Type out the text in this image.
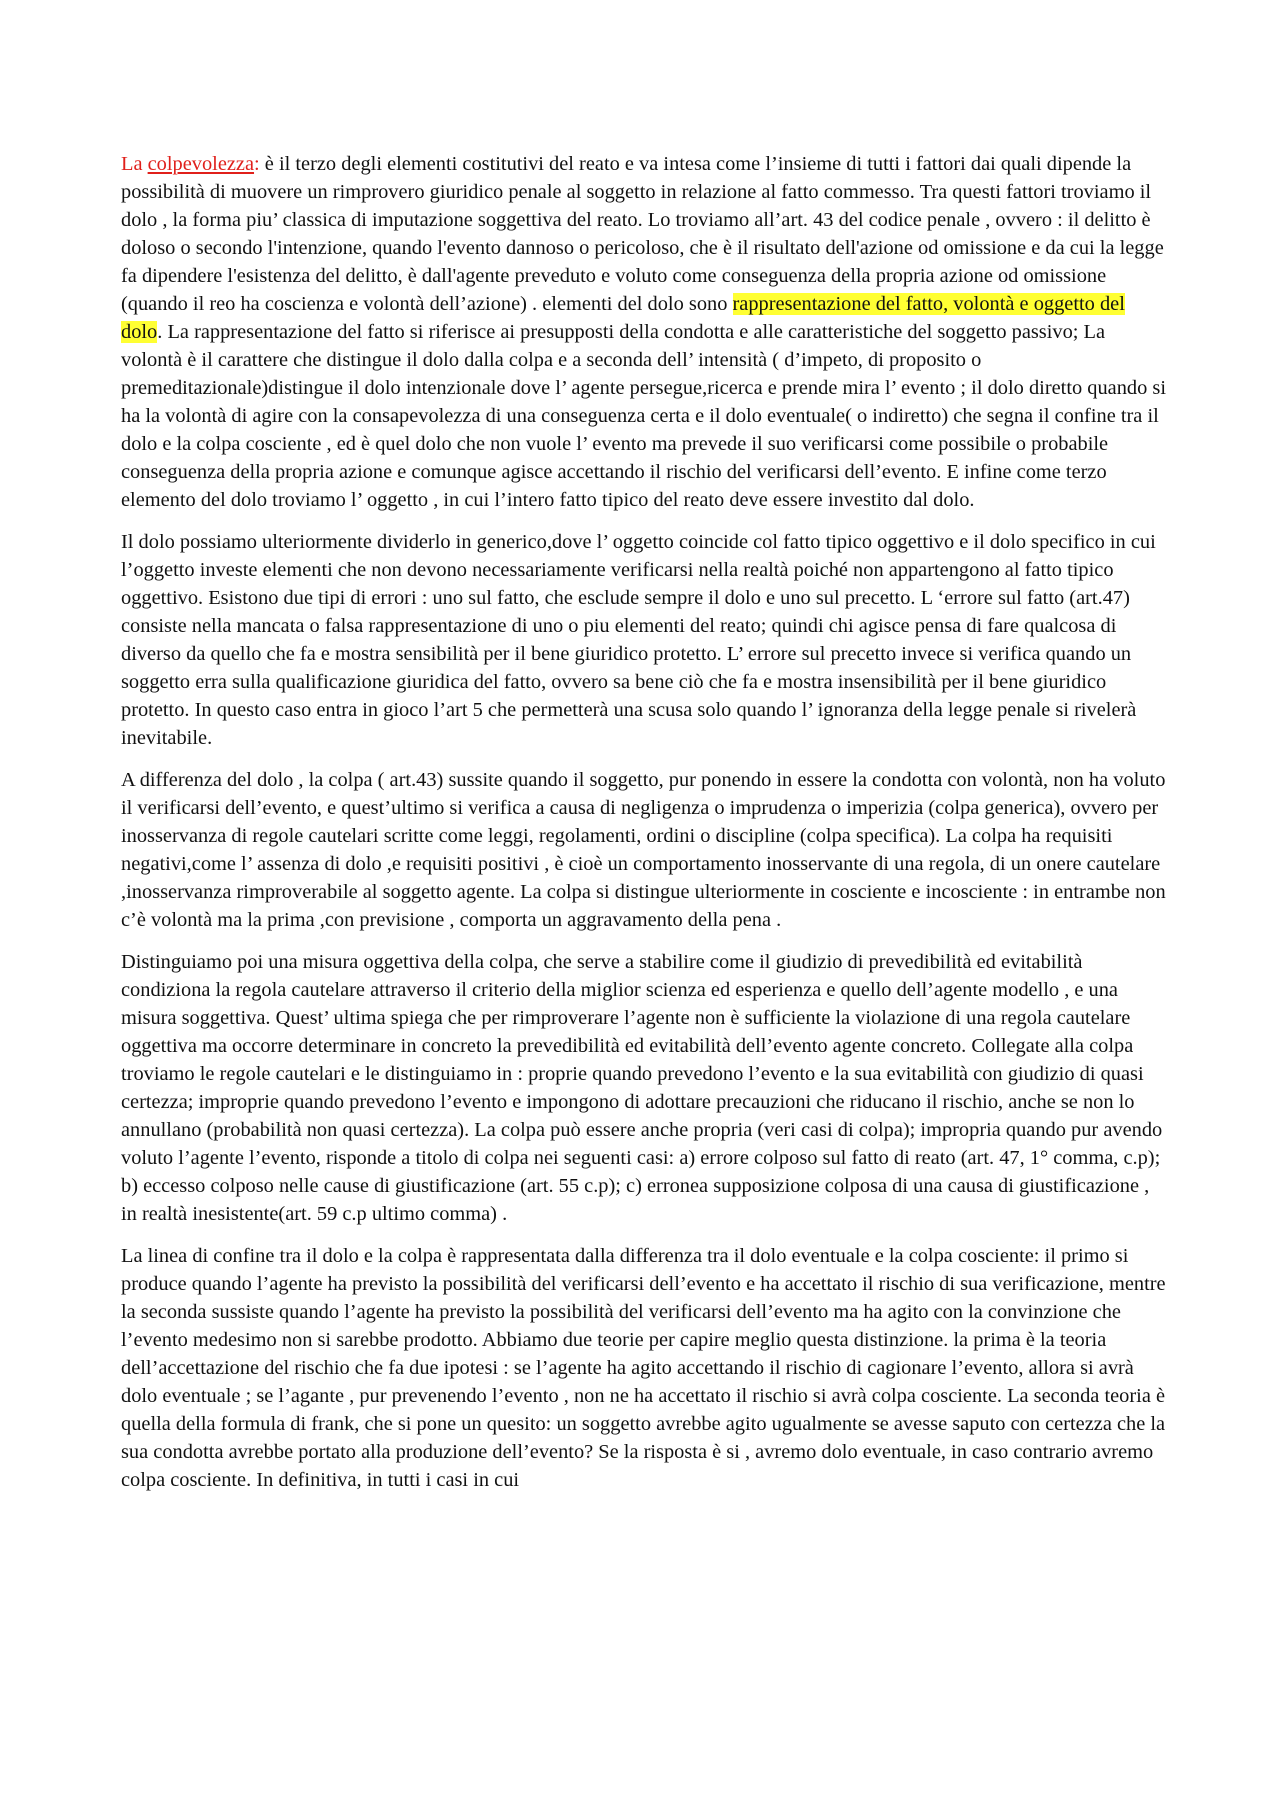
La colpevolezza: è il terzo degli elementi costitutivi del reato e va intesa come l’insieme di tutti i fattori dai quali dipende la possibilità di muovere un rimprovero giuridico penale al soggetto in relazione al fatto commesso. Tra questi fattori troviamo il dolo , la forma piu’ classica di imputazione soggettiva del reato. Lo troviamo all’art. 43 del codice penale , ovvero : il delitto è doloso o secondo l'intenzione, quando l'evento dannoso o pericoloso, che è il risultato dell'azione od omissione e da cui la legge fa dipendere l'esistenza del delitto, è dall'agente preveduto e voluto come conseguenza della propria azione od omissione (quando il reo ha coscienza e volontà dell’azione) . elementi del dolo sono rappresentazione del fatto, volontà e oggetto del dolo. La rappresentazione del fatto si riferisce ai presupposti della condotta e alle caratteristiche del soggetto passivo; La volontà è il carattere che distingue il dolo dalla colpa e a seconda dell’ intensità ( d’impeto, di proposito o premeditazionale)distingue il dolo intenzionale dove l’ agente persegue,ricerca e prende mira l’ evento ; il dolo diretto quando si ha la volontà di agire con la consapevolezza di una conseguenza certa e il dolo eventuale( o indiretto) che segna il confine tra il dolo e la colpa cosciente , ed è quel dolo che non vuole l’ evento ma prevede il suo verificarsi come possibile o probabile conseguenza della propria azione e comunque agisce accettando il rischio del verificarsi dell’evento. E infine come terzo elemento del dolo troviamo l’ oggetto , in cui l’intero fatto tipico del reato deve essere investito dal dolo.

Il dolo possiamo ulteriormente dividerlo in generico,dove l’ oggetto coincide col fatto tipico oggettivo e il dolo specifico in cui l’oggetto investe elementi che non devono necessariamente verificarsi nella realtà poiché non appartengono al fatto tipico oggettivo. Esistono due tipi di errori : uno sul fatto, che esclude sempre il dolo e uno sul precetto. L ‘errore sul fatto (art.47) consiste nella mancata o falsa rappresentazione di uno o piu elementi del reato; quindi chi agisce pensa di fare qualcosa di diverso da quello che fa e mostra sensibilità per il bene giuridico protetto. L’ errore sul precetto invece si verifica quando un soggetto erra sulla qualificazione giuridica del fatto, ovvero sa bene ciò che fa e mostra insensibilità per il bene giuridico protetto. In questo caso entra in gioco l’art 5 che permetterà una scusa solo quando l’ ignoranza della legge penale si rivelerà inevitabile.

A differenza del dolo , la colpa ( art.43) sussite quando il soggetto, pur ponendo in essere la condotta con volontà, non ha voluto il verificarsi dell’evento, e quest’ultimo si verifica a causa di negligenza o imprudenza o imperizia (colpa generica), ovvero per inosservanza di regole cautelari scritte come leggi, regolamenti, ordini o discipline (colpa specifica). La colpa ha requisiti negativi,come l’ assenza di dolo ,e requisiti positivi , è cioè un comportamento inosservante di una regola, di un onere cautelare ,inosservanza rimproverabile al soggetto agente. La colpa si distingue ulteriormente in cosciente e incosciente : in entrambe non c’è volontà ma la prima ,con previsione , comporta un aggravamento della pena .

Distinguiamo poi una misura oggettiva della colpa, che serve a stabilire come il giudizio di prevedibilità ed evitabilità condiziona la regola cautelare attraverso il criterio della miglior scienza ed esperienza e quello dell’agente modello , e una misura soggettiva. Quest’ ultima spiega che per rimproverare l’agente non è sufficiente la violazione di una regola cautelare oggettiva ma occorre determinare in concreto la prevedibilità ed evitabilità dell’evento agente concreto. Collegate alla colpa troviamo le regole cautelari e le distinguiamo in : proprie quando prevedono l’evento e la sua evitabilità con giudizio di quasi certezza; improprie quando prevedono l’evento e impongono di adottare precauzioni che riducano il rischio, anche se non lo annullano (probabilità non quasi certezza). La colpa può essere anche propria (veri casi di colpa); impropria quando pur avendo voluto l’agente l’evento, risponde a titolo di colpa nei seguenti casi: a) errore colposo sul fatto di reato (art. 47, 1° comma, c.p); b) eccesso colposo nelle cause di giustificazione (art. 55 c.p); c) erronea supposizione colposa di una causa di giustificazione , in realtà inesistente(art. 59 c.p ultimo comma) .

La linea di confine tra il dolo e la colpa è rappresentata dalla differenza tra il dolo eventuale e la colpa cosciente: il primo si produce quando l’agente ha previsto la possibilità del verificarsi dell’evento e ha accettato il rischio di sua verificazione, mentre la seconda sussiste quando l’agente ha previsto la possibilità del verificarsi dell’evento ma ha agito con la convinzione che l’evento medesimo non si sarebbe prodotto. Abbiamo due teorie per capire meglio questa distinzione. la prima è la teoria dell’accettazione del rischio che fa due ipotesi : se l’agente ha agito accettando il rischio di cagionare l’evento, allora si avrà dolo eventuale ; se l’agante , pur prevenendo l’evento , non ne ha accettato il rischio si avrà colpa cosciente. La seconda teoria è quella della formula di frank, che si pone un quesito: un soggetto avrebbe agito ugualmente se avesse saputo con certezza che la sua condotta avrebbe portato alla produzione dell’evento? Se la risposta è si , avremo dolo eventuale, in caso contrario avremo colpa cosciente. In definitiva, in tutti i casi in cui
